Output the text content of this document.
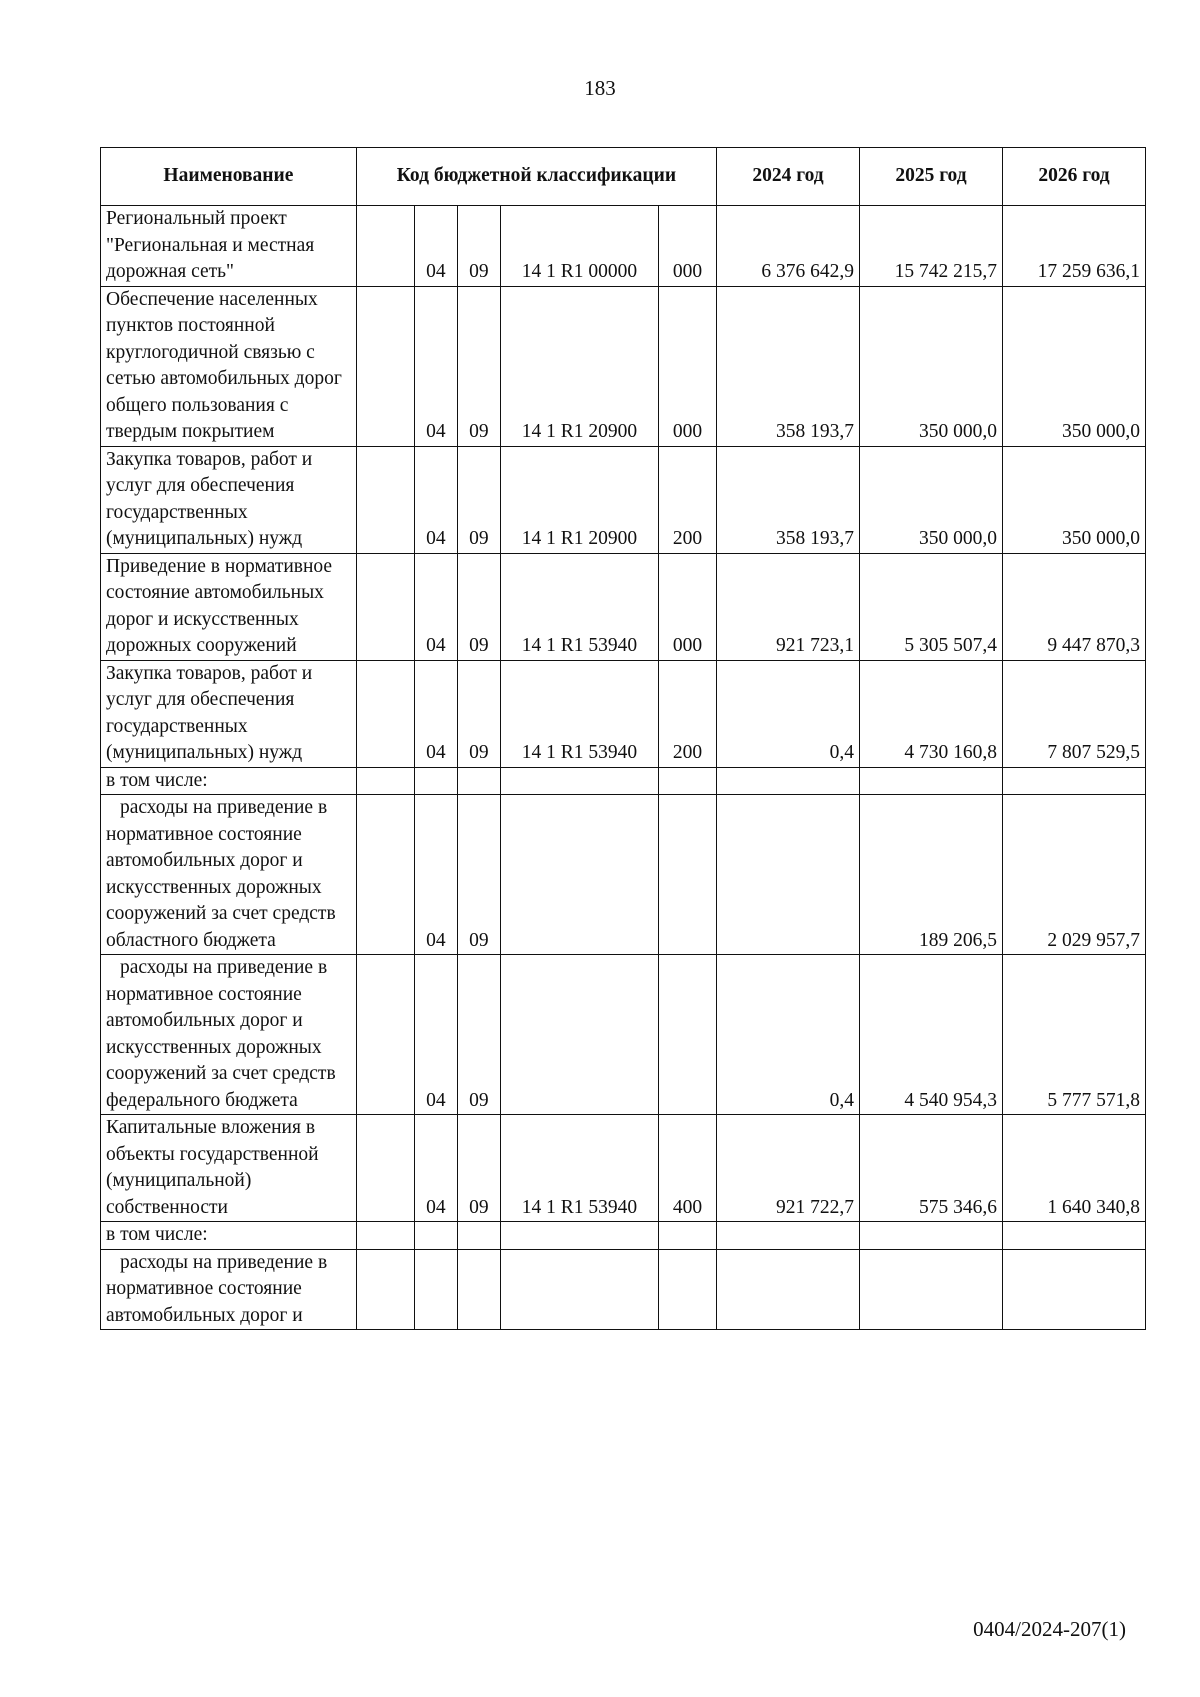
183
Наименование	Код бюджетной классификации					2024 год	2025 год	2026 год
Региональный проект "Региональная и местная дорожная сеть"		04	09	14 1 R1 00000	000	6 376 642,9	15 742 215,7	17 259 636,1
Обеспечение населенных пунктов постоянной круглогодичной связью с сетью автомобильных дорог общего пользования с твердым покрытием		04	09	14 1 R1 20900	000	358 193,7	350 000,0	350 000,0
Закупка товаров, работ и услуг для обеспечения государственных (муниципальных) нужд		04	09	14 1 R1 20900	200	358 193,7	350 000,0	350 000,0
Приведение в нормативное состояние автомобильных дорог и искусственных дорожных сооружений		04	09	14 1 R1 53940	000	921 723,1	5 305 507,4	9 447 870,3
Закупка товаров, работ и услуг для обеспечения государственных (муниципальных) нужд		04	09	14 1 R1 53940	200	0,4	4 730 160,8	7 807 529,5
в том числе:								
расходы на приведение в нормативное состояние автомобильных дорог и искусственных дорожных сооружений за счет средств областного бюджета		04	09				189 206,5	2 029 957,7
расходы на приведение в нормативное состояние автомобильных дорог и искусственных дорожных сооружений за счет средств федерального бюджета		04	09			0,4	4 540 954,3	5 777 571,8
Капитальные вложения в объекты государственной (муниципальной) собственности		04	09	14 1 R1 53940	400	921 722,7	575 346,6	1 640 340,8
в том числе:								
расходы на приведение в нормативное состояние автомобильных дорог и								
0404/2024-207(1)
